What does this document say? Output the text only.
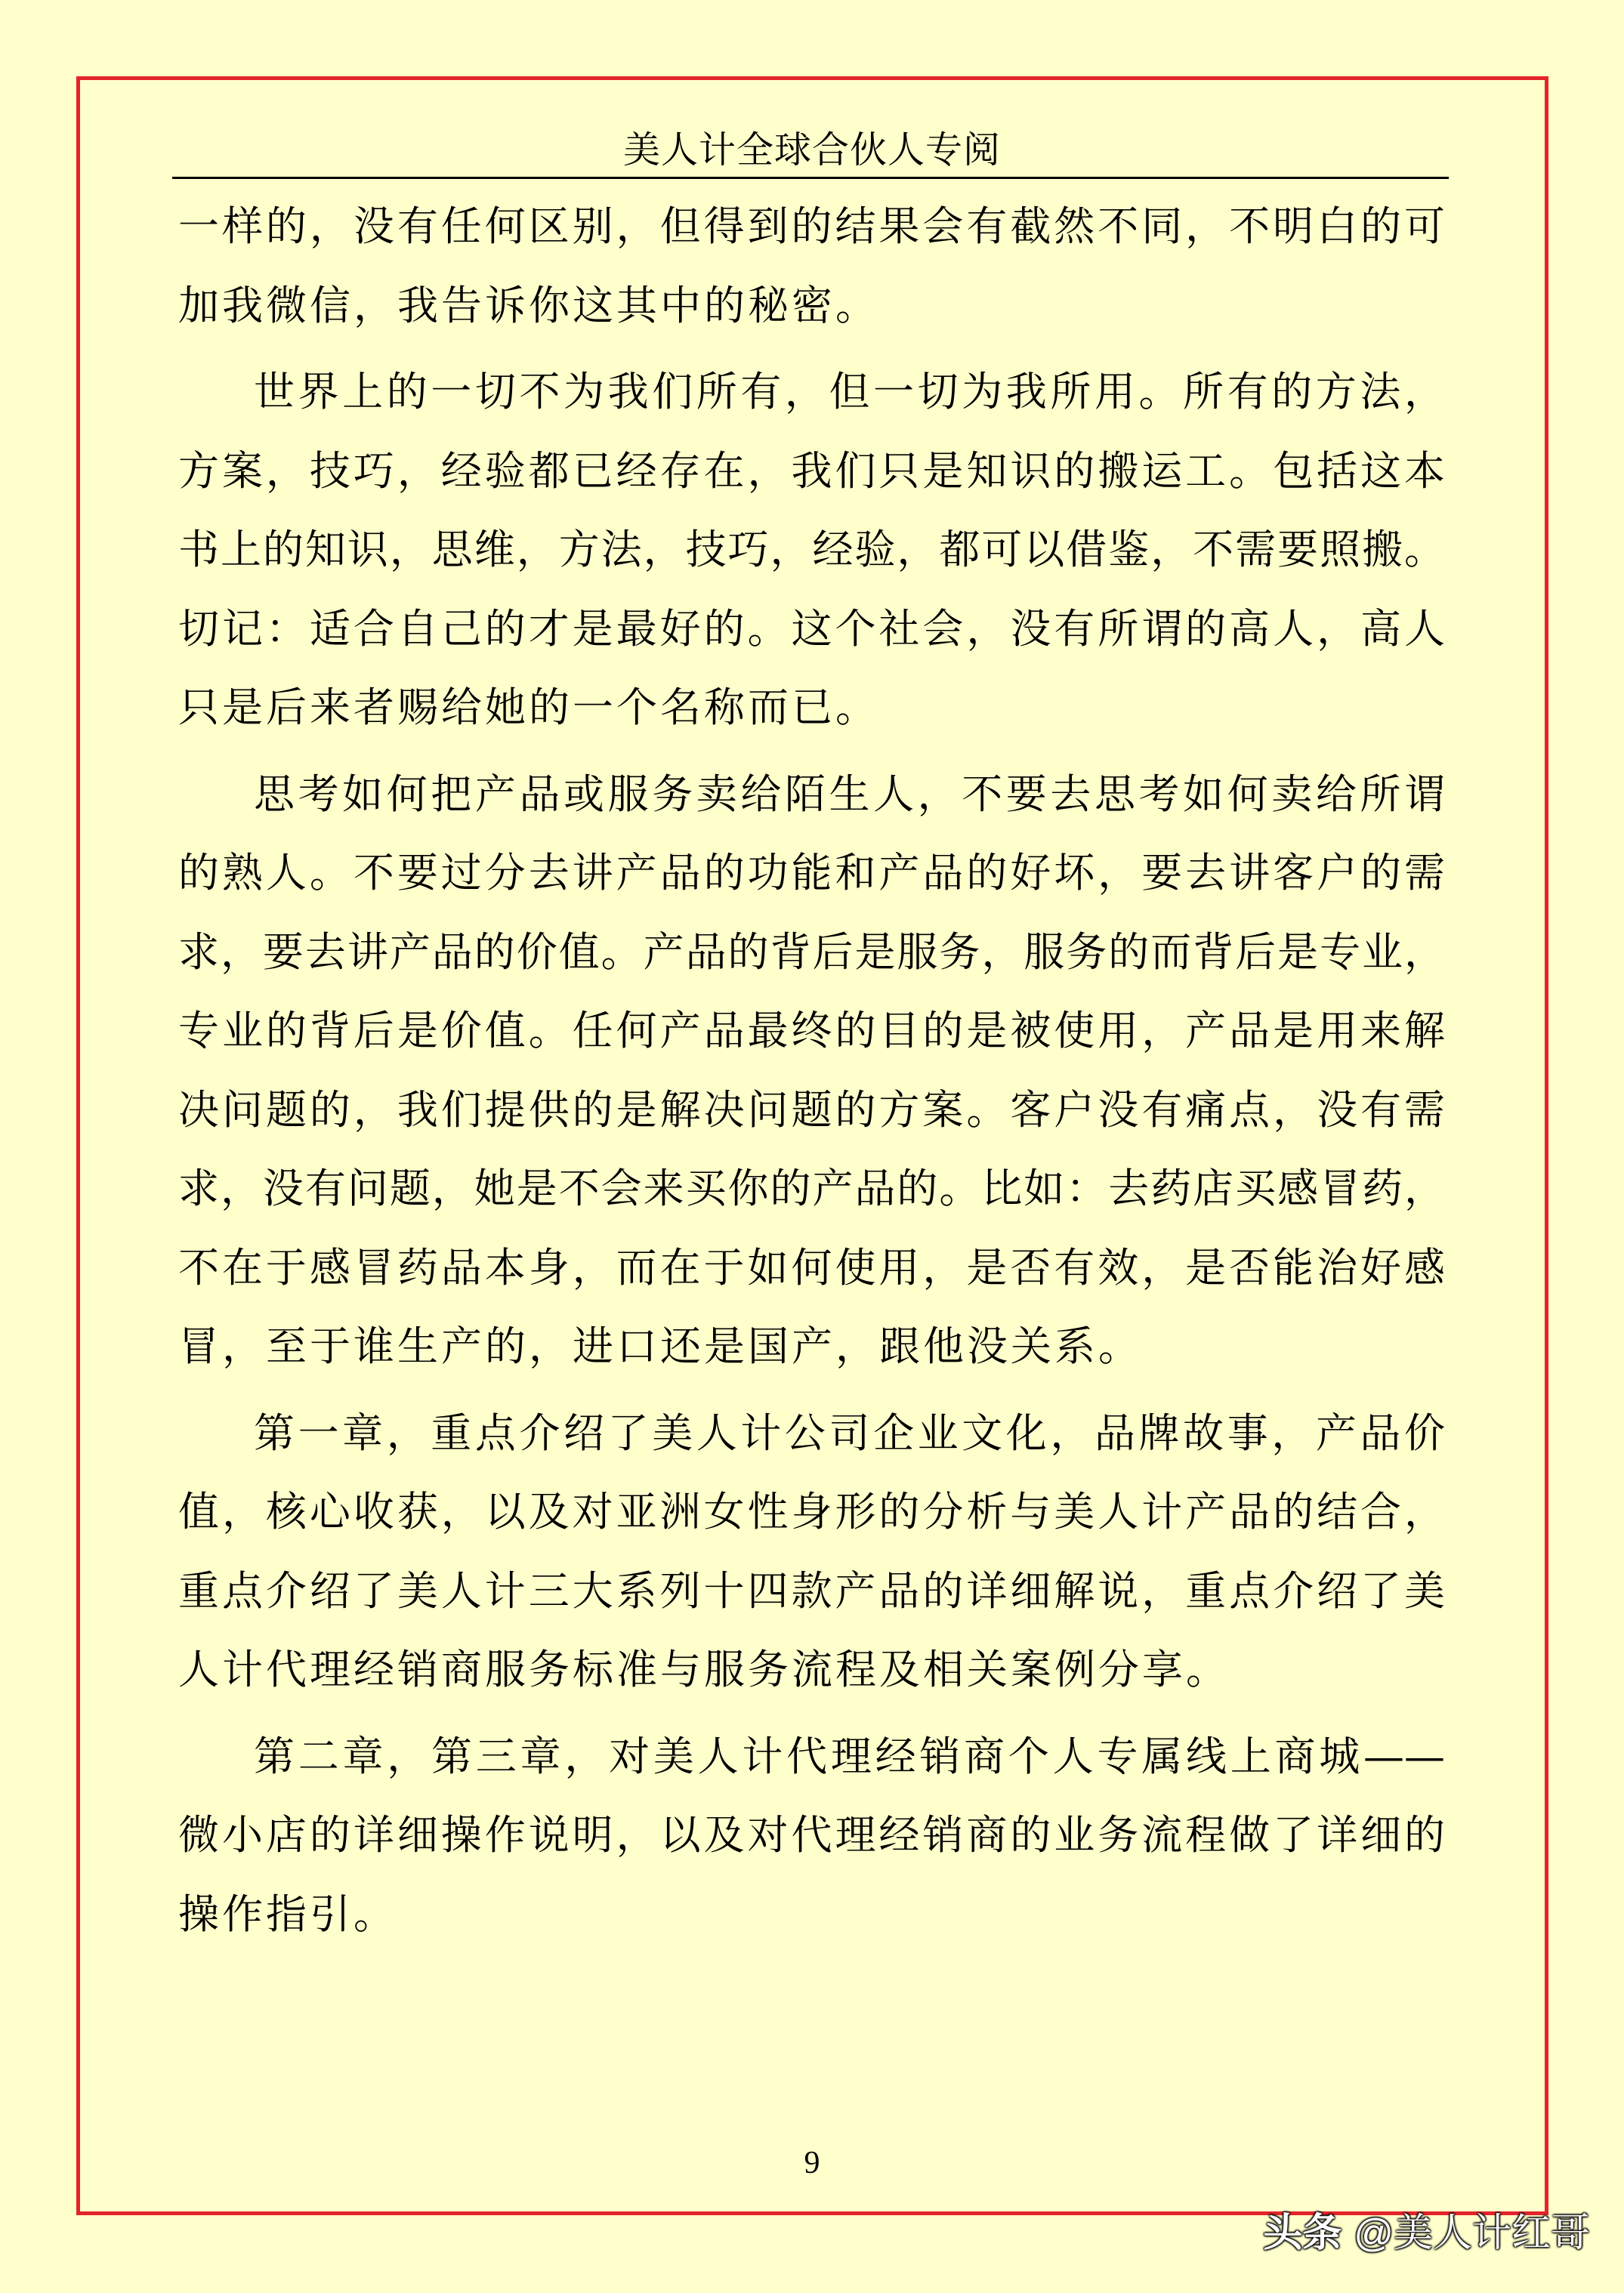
美人计全球合伙人专阅
一样的，没有任何区别，但得到的结果会有截然不同，不明白的可
加我微信，我告诉你这其中的秘密。
世界上的一切不为我们所有，但一切为我所用。所有的方法，
方案，技巧，经验都已经存在，我们只是知识的搬运工。包括这本
书上的知识，思维，方法，技巧，经验，都可以借鉴，不需要照搬。
切记：适合自己的才是最好的。这个社会，没有所谓的高人，高人
只是后来者赐给她的一个名称而已。
思考如何把产品或服务卖给陌生人，不要去思考如何卖给所谓
的熟人。不要过分去讲产品的功能和产品的好坏，要去讲客户的需
求，要去讲产品的价值。产品的背后是服务，服务的而背后是专业，
专业的背后是价值。任何产品最终的目的是被使用，产品是用来解
决问题的，我们提供的是解决问题的方案。客户没有痛点，没有需
求，没有问题，她是不会来买你的产品的。比如：去药店买感冒药，
不在于感冒药品本身，而在于如何使用，是否有效，是否能治好感
冒，至于谁生产的，进口还是国产，跟他没关系。
第一章，重点介绍了美人计公司企业文化，品牌故事，产品价
值，核心收获，以及对亚洲女性身形的分析与美人计产品的结合，
重点介绍了美人计三大系列十四款产品的详细解说，重点介绍了美
人计代理经销商服务标准与服务流程及相关案例分享。
第二章，第三章，对美人计代理经销商个人专属线上商城——
微小店的详细操作说明，以及对代理经销商的业务流程做了详细的
操作指引。
9
头条 @美人计红哥
